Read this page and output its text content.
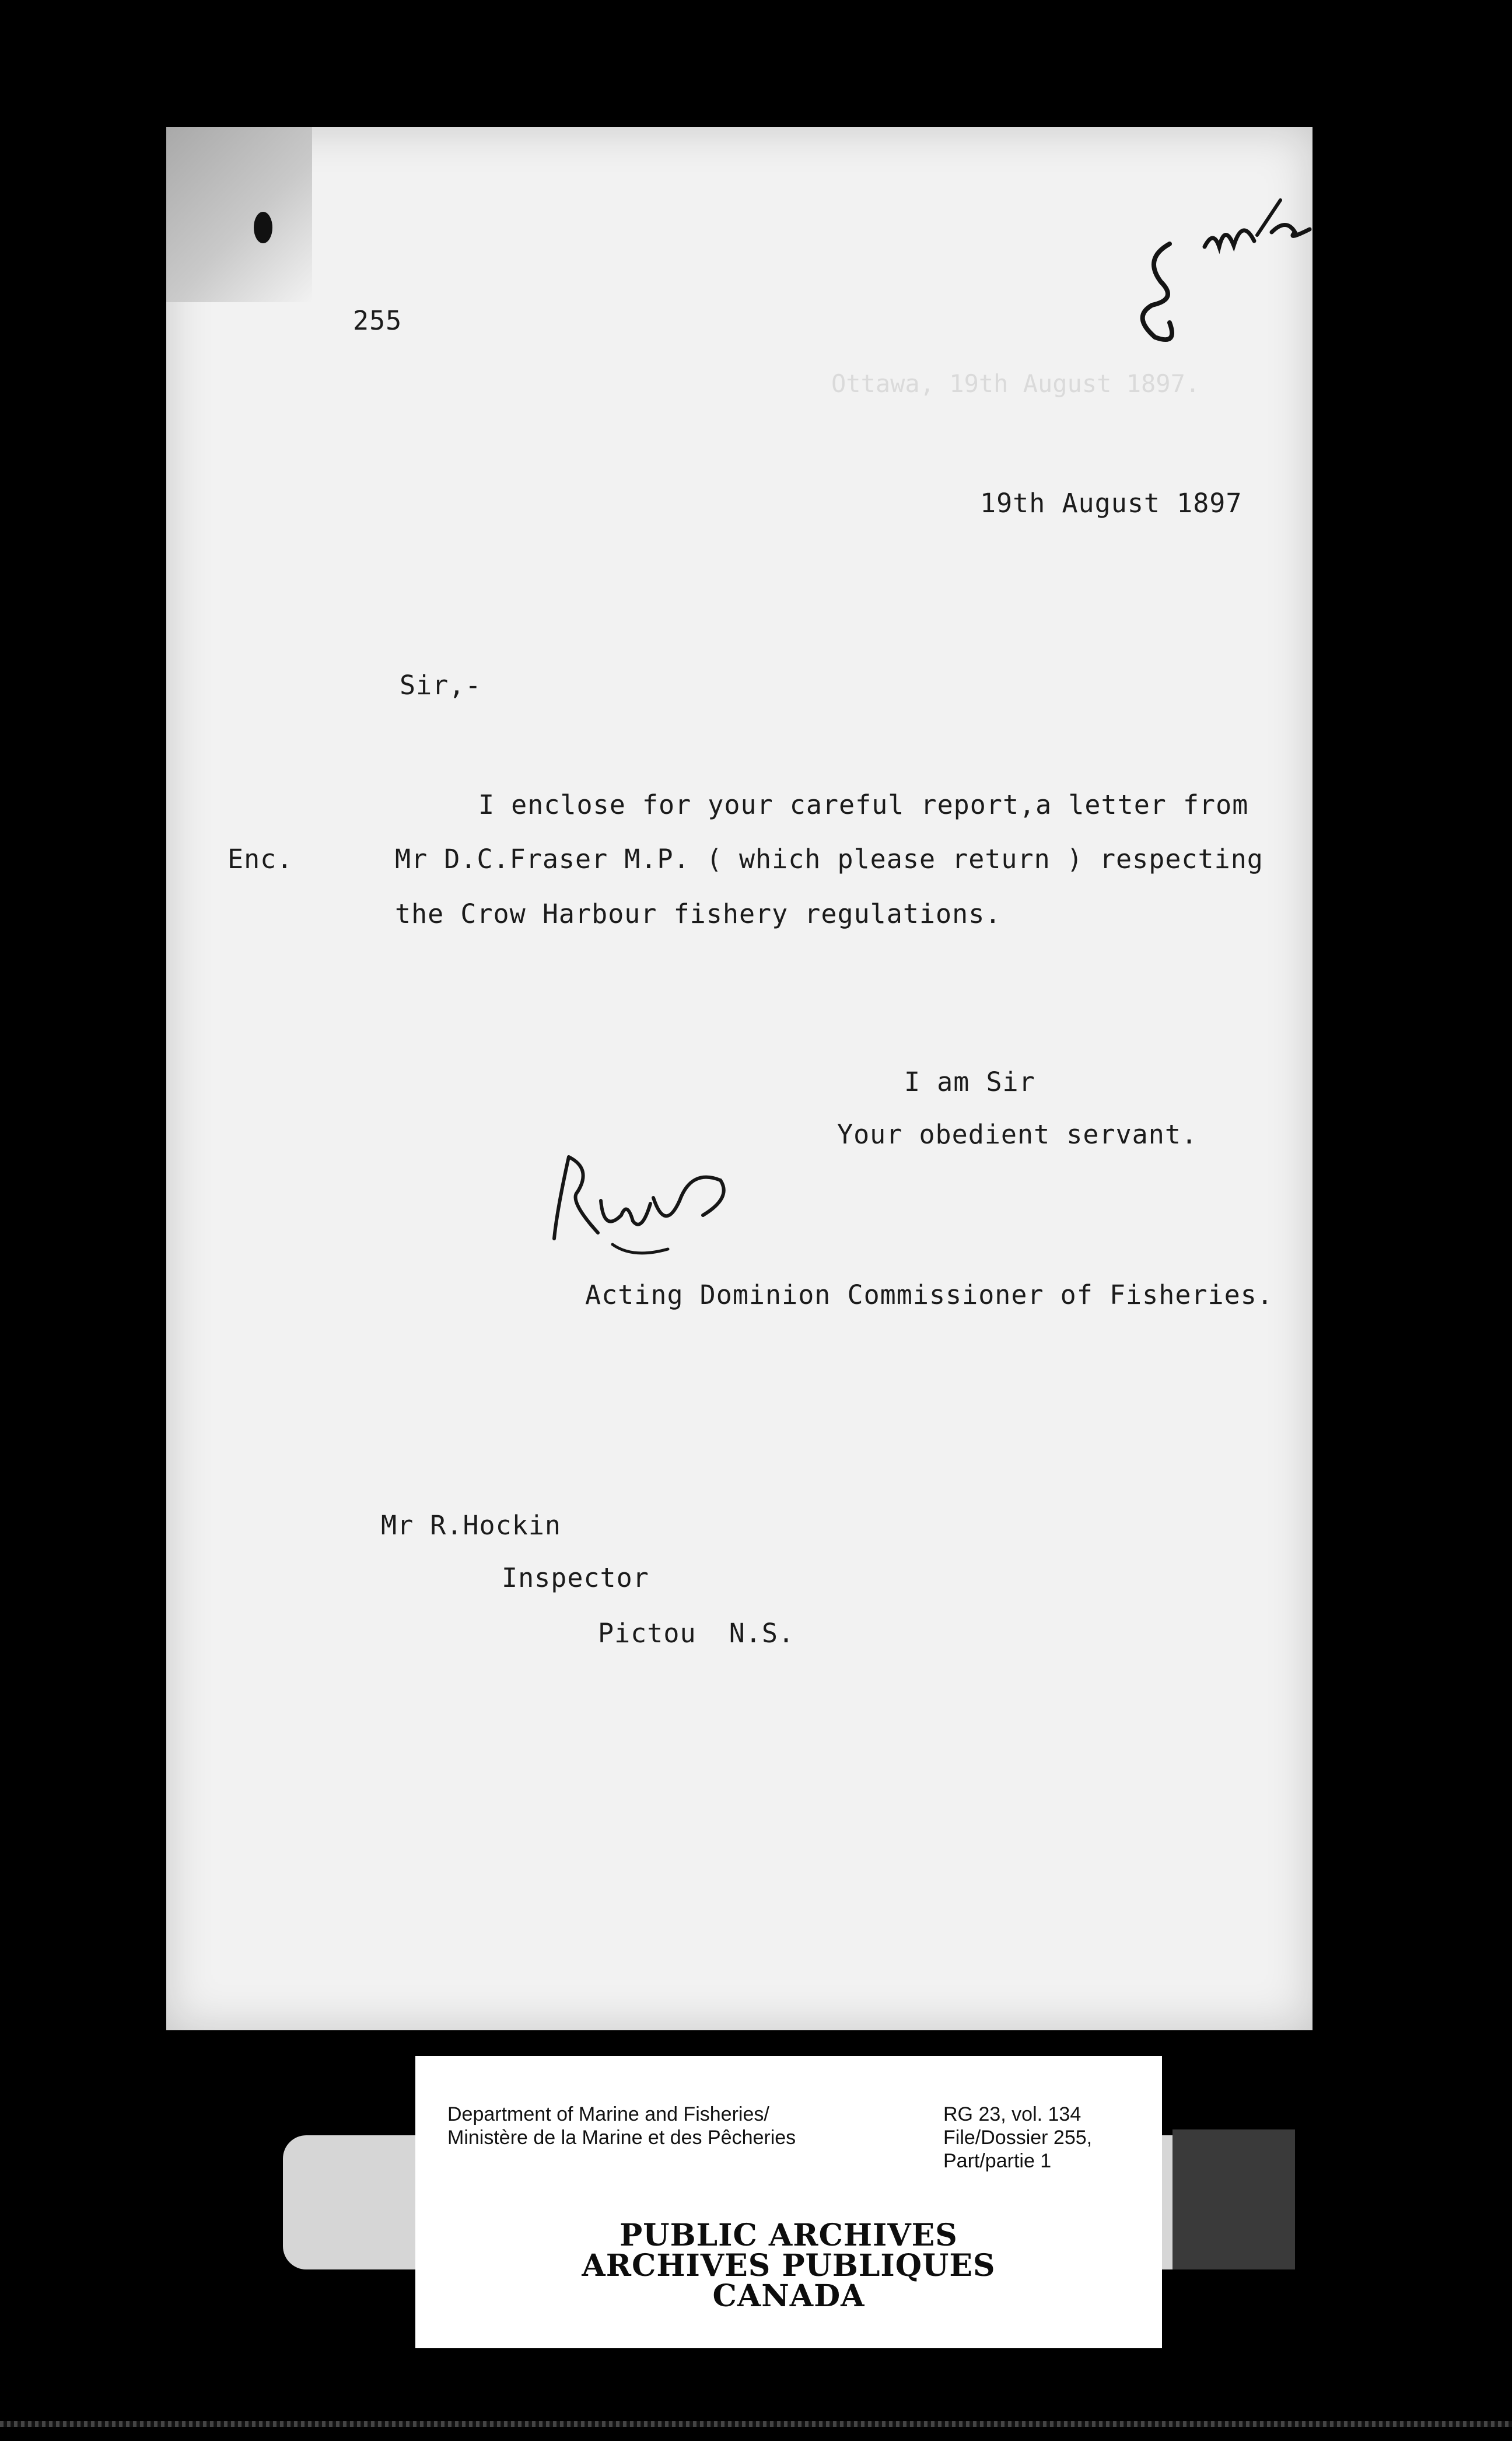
Ottawa, 19th August 1897.
255
19th August 1897
Sir,-
Enc.
I enclose for your careful report,a letter from
Mr D.C.Fraser M.P. ( which please return ) respecting
the Crow Harbour fishery regulations.
I am Sir
Your obedient servant.
Acting Dominion Commissioner of Fisheries.
Mr R.Hockin
Inspector
Pictou  N.S.
Department of Marine and Fisheries/
Ministère de la Marine et des Pêcheries
RG 23, vol. 134
File/Dossier 255,
Part/partie 1
PUBLIC ARCHIVES
ARCHIVES PUBLIQUES
CANADA
